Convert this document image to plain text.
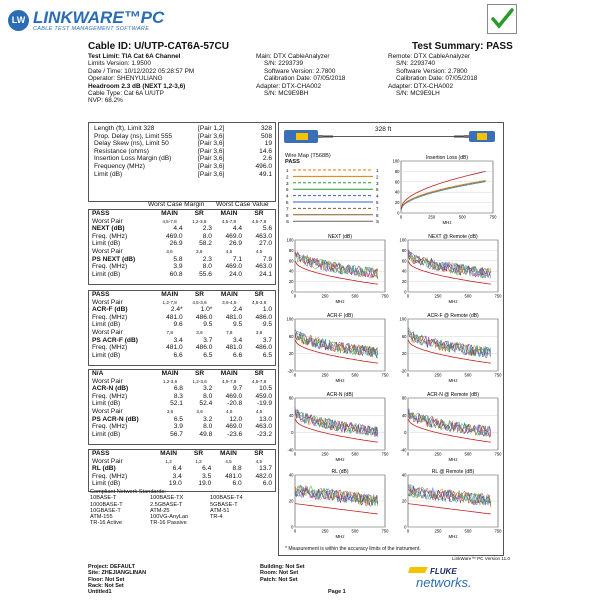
LW LINKWARE™PC
CABLE TEST MANAGEMENT SOFTWARE
Cable ID: U/UTP-CAT6A-57CU	Test Summary: PASS
Test Limit: TIA Cat 6A Channel
Limits Version: 1.9500
Date / Time: 10/12/2022 05:28:57 PM
Operator: SHENYULIANG
Headroom 2.3 dB (NEXT 1,2-3,6)
Cable Type: Cat 6A U/UTP
NVP: 68.2%
Main: DTX CableAnalyzer
S/N: 2293739
Software Version: 2.7800
Calibration Date: 07/05/2018
Adapter: DTX-CHA002
S/N: MC9E9BH
Remote: DTX CableAnalyzer
S/N: 2293740
Software Version: 2.7800
Calibration Date: 07/05/2018
Adapter: DTX-CHA002
S/N: MC9E9LH
Length (ft), Limit 328	[Pair 1,2]	328
Prop. Delay (ns), Limit 555	[Pair 3,6]	508
Delay Skew (ns), Limit 50	[Pair 3,6]	19
Resistance (ohms)	[Pair 3,6]	14.6

Insertion Loss Margin (dB)	[Pair 3,6]	2.6
Frequency (MHz)	[Pair 3,6]	496.0
Limit (dB)	[Pair 3,6]	49.1
Worst Case Margin Worst Case Value
PASS	MAIN	SR	MAIN	SR
Worst Pair	4,5-7,8	1,2-3,6	4,5-7,8	4,5-7,8
NEXT (dB)	4.4	2.3	4.4	5.6
Freq. (MHz)	469.0	8.0	469.0	463.0
Limit (dB)	26.9	58.2	26.9	27.0
Worst Pair	3,6	3,6	4,5	4,5
PS NEXT (dB)	5.8	2.3	7.1	7.9
Freq. (MHz)	3.9	8.0	469.0	463.0
Limit (dB)	60.8	55.6	24.0	24.1
PASS	MAIN	SR	MAIN	SR
Worst Pair	1,2-7,8	4,5-3,6	3,6-4,5	4,5-3,6
ACR-F (dB)	2.4*	1.0*	2.4	1.0
Freq. (MHz)	481.0	486.0	481.0	486.0
Limit (dB)	9.6	9.5	9.5	9.5
Worst Pair	7,8	3,6	7,8	3,6
PS ACR-F (dB)	3.4	3.7	3.4	3.7
Freq. (MHz)	481.0	486.0	481.0	486.0
Limit (dB)	6.6	6.5	6.6	6.5
N/A	MAIN	SR	MAIN	SR
Worst Pair	1,2-3,6	1,2-3,6	4,5-7,8	4,5-7,8
ACR-N (dB)	6.8	3.2	9.7	10.5
Freq. (MHz)	8.3	8.0	469.0	459.0
Limit (dB)	52.1	52.4	-20.8	-19.9
Worst Pair	3,6	3,6	4,5	4,5
PS ACR-N (dB)	6.5	3.2	12.0	13.0
Freq. (MHz)	3.9	8.0	469.0	463.0
Limit (dB)	56.7	49.8	-23.6	-23.2
PASS	MAIN	SR	MAIN	SR
Worst Pair	1,2	1,2	4,5	4,5
RL (dB)	6.4	6.4	8.8	13.7
Freq. (MHz)	3.4	3.5	481.0	482.0
Limit (dB)	19.0	19.0	6.0	6.0
Compliant Network Standards:
10BASE-T	100BASE-TX	100BASE-T4
1000BASE-T	2.5GBASE-T	5GBASE-T
10GBASE-T	ATM-25	ATM-51
ATM-155	100VG-AnyLan	TR-4
TR-16 Active	TR-16 Passive
328 ft
Wire Map (T568B)
PASS
1	1
2	2
3	3
6	6
4	4
5	5
7	7
8	8
S	S
Insertion Loss (dB)
100
80
60
40
20
0
0	250	500	750
MHz
NEXT (dB)
100
80
60
40
20
0
0	250	500	750
MHz
NEXT @ Remote (dB)
100
80
60
40
20
0
0	250	500	750
MHz
ACR-F (dB)
100
60
20
-20
0	250	500	750
MHz
ACR-F @ Remote (dB)
100
60
20
-20
0	250	500	750
MHz
ACR-N (dB)
80
40
0
-40
0	250	500	750
MHz
ACR-N @ Remote (dB)
80
40
0
-40
0	250	500	750
MHz
RL (dB)
40
20
0
0	250	500	750
MHz
RL @ Remote (dB)
40
20
0
0	250	500	750
MHz
* Measurement is within the accuracy limits of the instrument.
LinkWare™ PC Version 11.0
Project: DEFAULT
Site: ZHEJIANGLINAN
Floor: Not Set
Rack: Not Set
Untitled1
Building: Not Set
Room: Not Set
Patch: Not Set
Page 1
FLUKE
networks.
